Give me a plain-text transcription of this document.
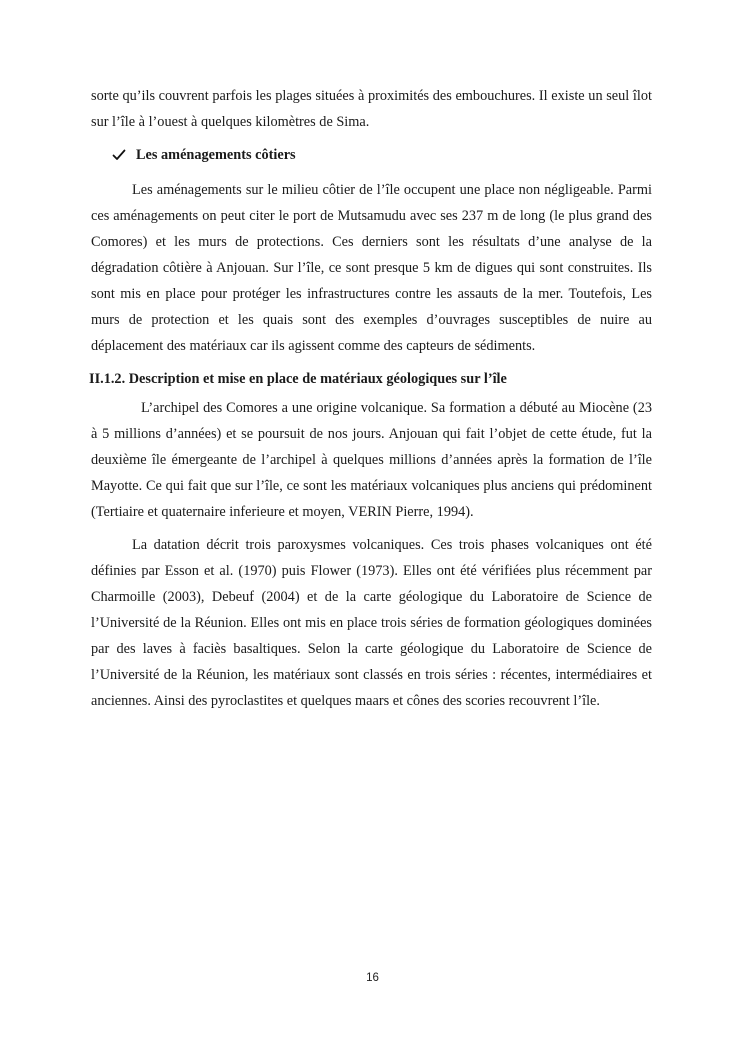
sorte qu’ils couvrent parfois les plages situées à proximités des embouchures. Il existe un seul îlot sur l’île à l’ouest à quelques kilomètres de Sima.

Les aménagements côtiers

Les aménagements sur le milieu côtier de l’île occupent une place non négligeable. Parmi ces aménagements on peut citer le port de Mutsamudu avec ses 237 m de long (le plus grand des Comores) et les murs de protections. Ces derniers sont les résultats d’une analyse de la dégradation côtière à Anjouan. Sur l’île, ce sont presque 5 km de digues qui sont construites. Ils sont mis en place pour protéger les infrastructures contre les assauts de la mer. Toutefois, Les murs de protection et les quais sont des exemples d’ouvrages susceptibles de nuire au déplacement des matériaux car ils agissent comme des capteurs de sédiments.

II.1.2. Description et mise en place de matériaux géologiques sur l’île

L’archipel des Comores a une origine volcanique. Sa formation a débuté au Miocène (23 à 5 millions d’années) et se poursuit de nos jours. Anjouan qui fait l’objet de cette étude, fut la deuxième île émergeante de l’archipel à quelques millions d’années après la formation de l’île Mayotte. Ce qui fait que sur l’île, ce sont les matériaux volcaniques plus anciens qui prédominent (Tertiaire et quaternaire inferieure et moyen, VERIN Pierre, 1994).

La datation décrit trois paroxysmes volcaniques. Ces trois phases volcaniques ont été définies par Esson et al. (1970) puis Flower (1973). Elles ont été vérifiées plus récemment par Charmoille (2003), Debeuf (2004) et de la carte géologique du Laboratoire de Science de l’Université de la Réunion. Elles ont mis en place trois séries de formation géologiques dominées par des laves à faciès basaltiques. Selon la carte géologique du Laboratoire de Science de l’Université de la Réunion, les matériaux sont classés en trois séries : récentes, intermédiaires et anciennes. Ainsi des pyroclastites et quelques maars et cônes des scories recouvrent l’île.

16
